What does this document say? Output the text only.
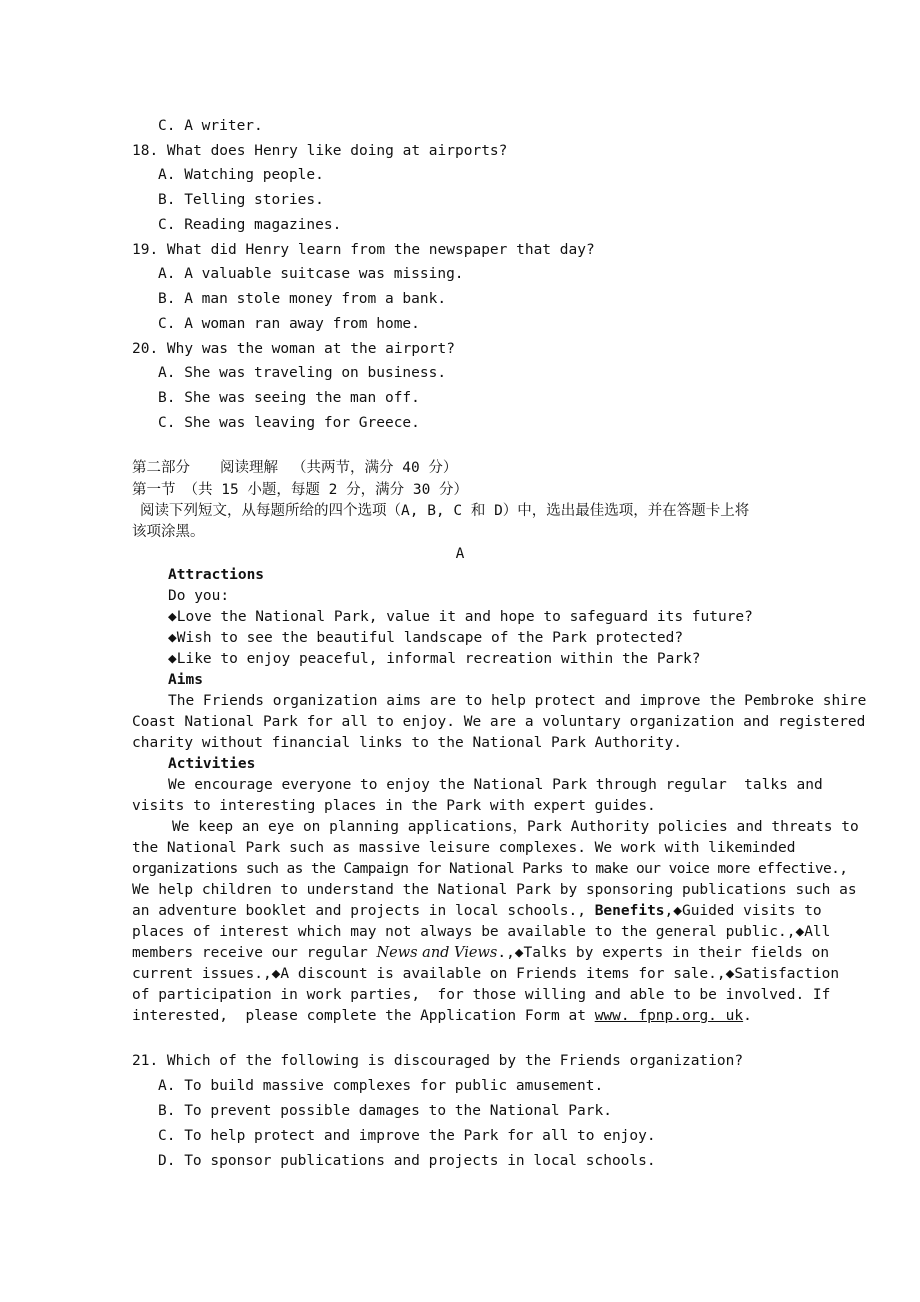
C. A writer.
18. What does Henry like doing at airports?
A. Watching people.
B. Telling stories.
C. Reading magazines.
19. What did Henry learn from the newspaper that day?
A. A valuable suitcase was missing.
B. A man stole money from a bank.
C. A woman ran away from home.
20. Why was the woman at the airport?
A. She was traveling on business.
B. She was seeing the man off.
C. She was leaving for Greece.
第二部分 阅读理解 （共两节，满分 40 分）
第一节 （共 15 小题，每题 2 分，满分 30 分）
阅读下列短文，从每题所给的四个选项（A, B, C 和 D）中，选出最佳选项，并在答题卡上将
该项涂黑。
A
Attractions
Do you:
◆Love the National Park, value it and hope to safeguard its future?
◆Wish to see the beautiful landscape of the Park protected?
◆Like to enjoy peaceful, informal recreation within the Park?
Aims
The Friends organization aims are to help protect and improve the Pembroke shire
Coast National Park for all to enjoy. We are a voluntary organization and registered
charity without financial links to the National Park Authority.
Activities
We encourage everyone to enjoy the National Park through regular  talks and
visits to interesting places in the Park with expert guides.
We keep an eye on planning applications，Park Authority policies and threats to
the National Park such as massive leisure complexes. We work with likeminded
organizations such as the Campaign for National Parks to make our voice more effective.,
We help children to understand the National Park by sponsoring publications such as
an adventure booklet and projects in local schools., Benefits,◆Guided visits to
places of interest which may not always be available to the general public.,◆All
members receive our regular News and Views.,◆Talks by experts in their fields on
current issues.,◆A discount is available on Friends items for sale.,◆Satisfaction
of participation in work parties,  for those willing and able to be involved. If
interested,  please complete the Application Form at www. fpnp.org. uk.
21. Which of the following is discouraged by the Friends organization?
A. To build massive complexes for public amusement.
B. To prevent possible damages to the National Park.
C. To help protect and improve the Park for all to enjoy.
D. To sponsor publications and projects in local schools.
